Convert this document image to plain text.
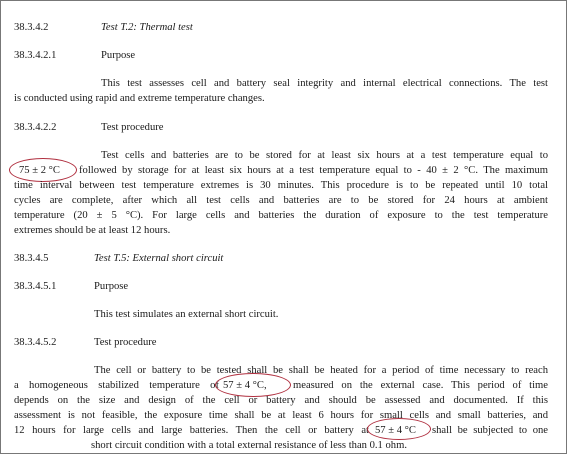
38.3.4.2	Test T.2: Thermal test
38.3.4.2.1	Purpose
This test assesses cell and battery seal integrity and internal electrical connections. The test
is conducted using rapid and extreme temperature changes.
38.3.4.2.2	Test procedure
Test cells and batteries are to be stored for at least six hours at a test temperature equal to
75 ± 2 °C followed by storage for at least six hours at a test temperature equal to - 40 ± 2 °C. The maximum
time interval between test temperature extremes is 30 minutes. This procedure is to be repeated until 10 total
cycles are complete, after which all test cells and batteries are to be stored for 24 hours at ambient
temperature (20 ± 5 °C). For large cells and batteries the duration of exposure to the test temperature
extremes should be at least 12 hours.
38.3.4.5	Test T.5: External short circuit
38.3.4.5.1	Purpose
This test simulates an external short circuit.
38.3.4.5.2	Test procedure
The cell or battery to be tested shall be shall be heated for a period of time necessary to reach
a homogeneous stabilized temperature of 57 ± 4 °C, measured on the external case. This period of time
depends on the size and design of the cell or battery and should be assessed and documented. If this
assessment is not feasible, the exposure time shall be at least 6 hours for small cells and small batteries, and
12 hours for large cells and large batteries. Then the cell or battery at 57 ± 4 °C shall be subjected to one
short circuit condition with a total external resistance of less than 0.1 ohm.
